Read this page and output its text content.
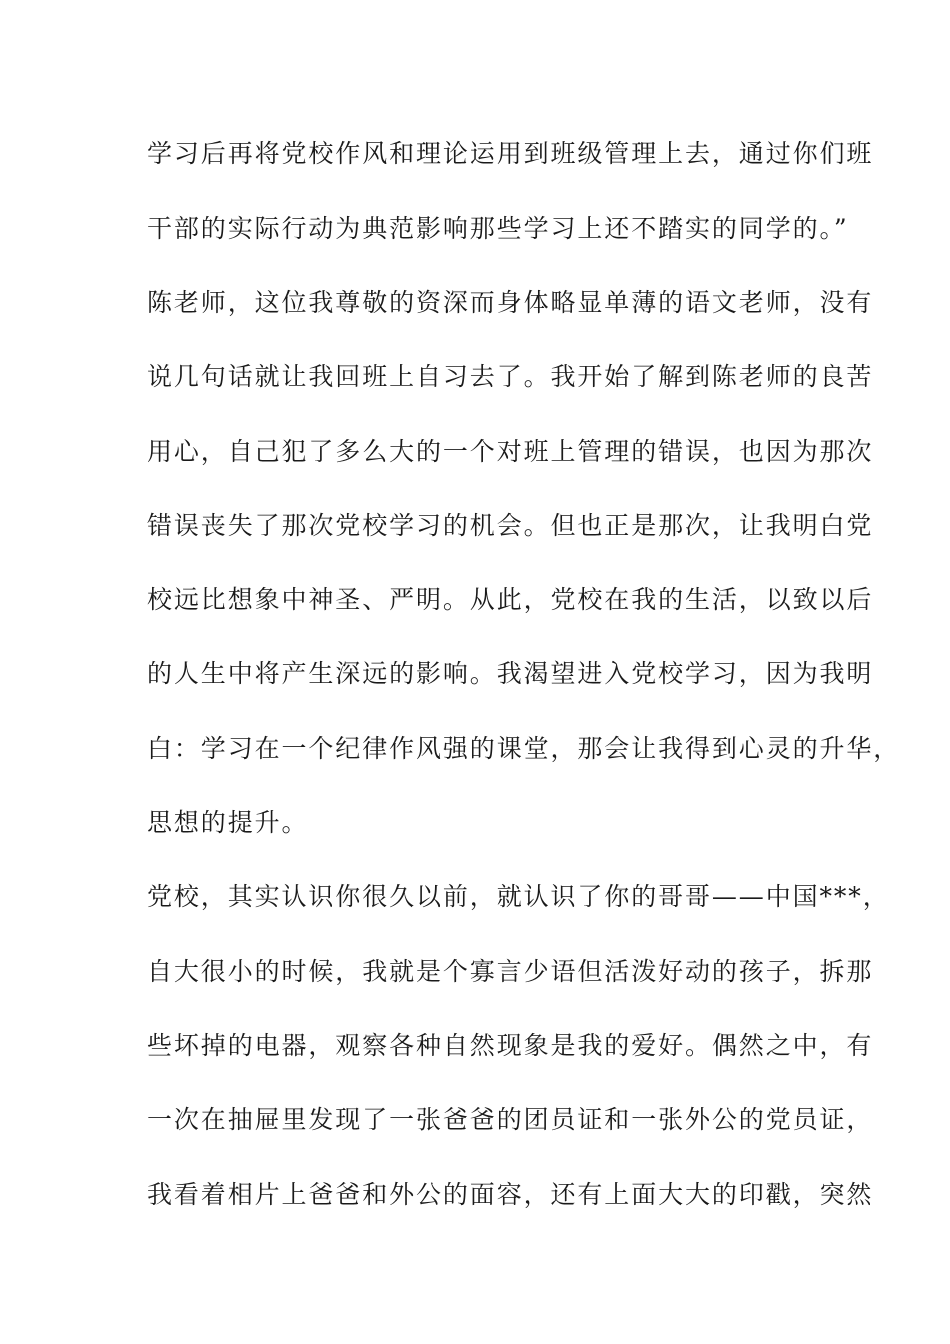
学习后再将党校作风和理论运用到班级管理上去，通过你们班
干部的实际行动为典范影响那些学习上还不踏实的同学的。”
陈老师，这位我尊敬的资深而身体略显单薄的语文老师，没有
说几句话就让我回班上自习去了。我开始了解到陈老师的良苦
用心，自己犯了多么大的一个对班上管理的错误，也因为那次
错误丧失了那次党校学习的机会。但也正是那次，让我明白党
校远比想象中神圣、严明。从此，党校在我的生活，以致以后
的人生中将产生深远的影响。我渴望进入党校学习，因为我明
白：学习在一个纪律作风强的课堂，那会让我得到心灵的升华，
思想的提升。
党校，其实认识你很久以前，就认识了你的哥哥——中国***，
自大很小的时候，我就是个寡言少语但活泼好动的孩子，拆那
些坏掉的电器，观察各种自然现象是我的爱好。偶然之中，有
一次在抽屉里发现了一张爸爸的团员证和一张外公的党员证，
我看着相片上爸爸和外公的面容，还有上面大大的印戳，突然
